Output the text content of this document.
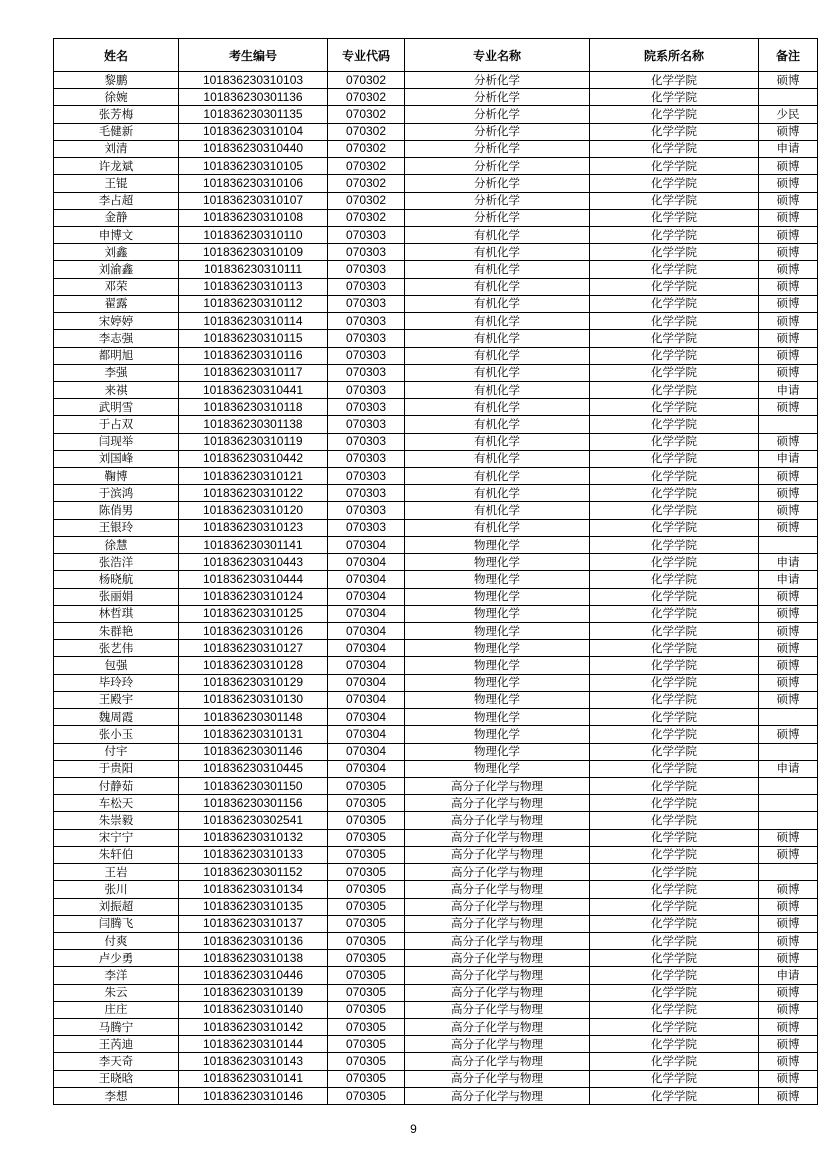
姓名	考生编号	专业代码	专业名称	院系所名称	备注
黎鹏	101836230310103	070302	分析化学	化学学院	硕博
徐婉	101836230301136	070302	分析化学	化学学院	
张芳梅	101836230301135	070302	分析化学	化学学院	少民
毛健新	101836230310104	070302	分析化学	化学学院	硕博
刘清	101836230310440	070302	分析化学	化学学院	申请
许龙斌	101836230310105	070302	分析化学	化学学院	硕博
王锟	101836230310106	070302	分析化学	化学学院	硕博
李占超	101836230310107	070302	分析化学	化学学院	硕博
金静	101836230310108	070302	分析化学	化学学院	硕博
申博文	101836230310110	070303	有机化学	化学学院	硕博
刘鑫	101836230310109	070303	有机化学	化学学院	硕博
刘渝鑫	101836230310111	070303	有机化学	化学学院	硕博
邓荣	101836230310113	070303	有机化学	化学学院	硕博
翟露	101836230310112	070303	有机化学	化学学院	硕博
宋婷婷	101836230310114	070303	有机化学	化学学院	硕博
李志强	101836230310115	070303	有机化学	化学学院	硕博
都明旭	101836230310116	070303	有机化学	化学学院	硕博
李强	101836230310117	070303	有机化学	化学学院	硕博
来祺	101836230310441	070303	有机化学	化学学院	申请
武明雪	101836230310118	070303	有机化学	化学学院	硕博
于占双	101836230301138	070303	有机化学	化学学院	
闫现举	101836230310119	070303	有机化学	化学学院	硕博
刘国峰	101836230310442	070303	有机化学	化学学院	申请
鞠博	101836230310121	070303	有机化学	化学学院	硕博
于滨鸿	101836230310122	070303	有机化学	化学学院	硕博
陈俏男	101836230310120	070303	有机化学	化学学院	硕博
王银玲	101836230310123	070303	有机化学	化学学院	硕博
徐慧	101836230301141	070304	物理化学	化学学院	
张浩洋	101836230310443	070304	物理化学	化学学院	申请
杨晓航	101836230310444	070304	物理化学	化学学院	申请
张丽娟	101836230310124	070304	物理化学	化学学院	硕博
林哲琪	101836230310125	070304	物理化学	化学学院	硕博
朱群艳	101836230310126	070304	物理化学	化学学院	硕博
张艺伟	101836230310127	070304	物理化学	化学学院	硕博
包强	101836230310128	070304	物理化学	化学学院	硕博
毕玲玲	101836230310129	070304	物理化学	化学学院	硕博
王殿宇	101836230310130	070304	物理化学	化学学院	硕博
魏周霞	101836230301148	070304	物理化学	化学学院	
张小玉	101836230310131	070304	物理化学	化学学院	硕博
付宇	101836230301146	070304	物理化学	化学学院	
于贵阳	101836230310445	070304	物理化学	化学学院	申请
付静茹	101836230301150	070305	高分子化学与物理	化学学院	
车松天	101836230301156	070305	高分子化学与物理	化学学院	
朱崇毅	101836230302541	070305	高分子化学与物理	化学学院	
宋宁宁	101836230310132	070305	高分子化学与物理	化学学院	硕博
朱轩伯	101836230310133	070305	高分子化学与物理	化学学院	硕博
王岩	101836230301152	070305	高分子化学与物理	化学学院	
张川	101836230310134	070305	高分子化学与物理	化学学院	硕博
刘振超	101836230310135	070305	高分子化学与物理	化学学院	硕博
闫腾飞	101836230310137	070305	高分子化学与物理	化学学院	硕博
付爽	101836230310136	070305	高分子化学与物理	化学学院	硕博
卢少勇	101836230310138	070305	高分子化学与物理	化学学院	硕博
李洋	101836230310446	070305	高分子化学与物理	化学学院	申请
朱云	101836230310139	070305	高分子化学与物理	化学学院	硕博
庄庄	101836230310140	070305	高分子化学与物理	化学学院	硕博
马腾宁	101836230310142	070305	高分子化学与物理	化学学院	硕博
王芮迪	101836230310144	070305	高分子化学与物理	化学学院	硕博
李天奇	101836230310143	070305	高分子化学与物理	化学学院	硕博
王晓晗	101836230310141	070305	高分子化学与物理	化学学院	硕博
李想	101836230310146	070305	高分子化学与物理	化学学院	硕博
9
